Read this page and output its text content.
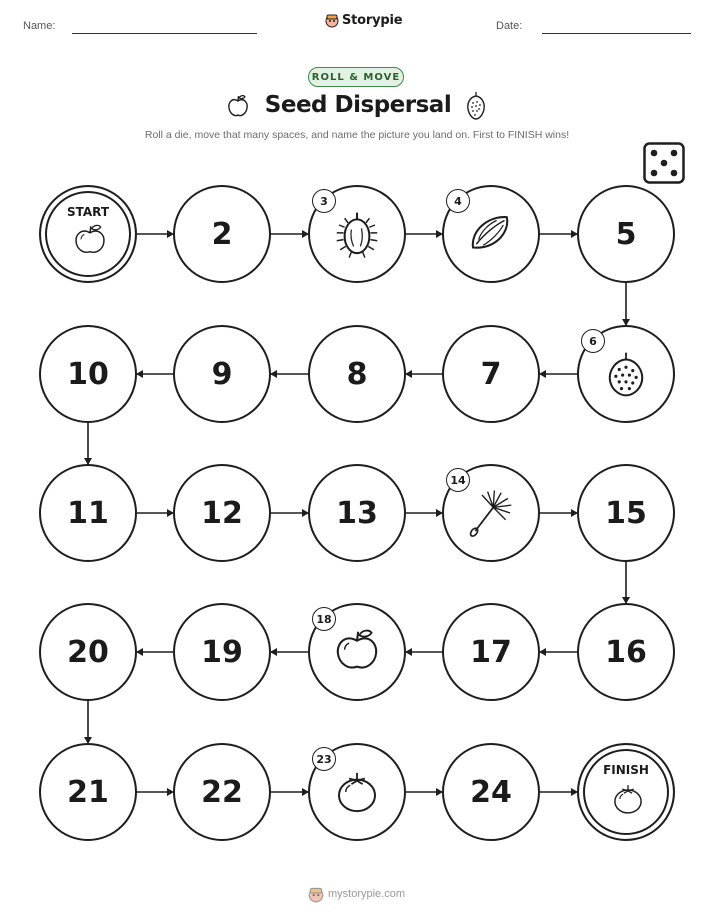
Name:	Storypie	Date:
ROLL & MOVE
Seed Dispersal
Roll a die, move that many spaces, and name the picture you land on. First to FINISH wins!
START
2
3	4
5
6
7
8
9
10
11	12	13
14
15
16
17
18
19
20
21	22
23
24
FINISH
mystorypie.com
